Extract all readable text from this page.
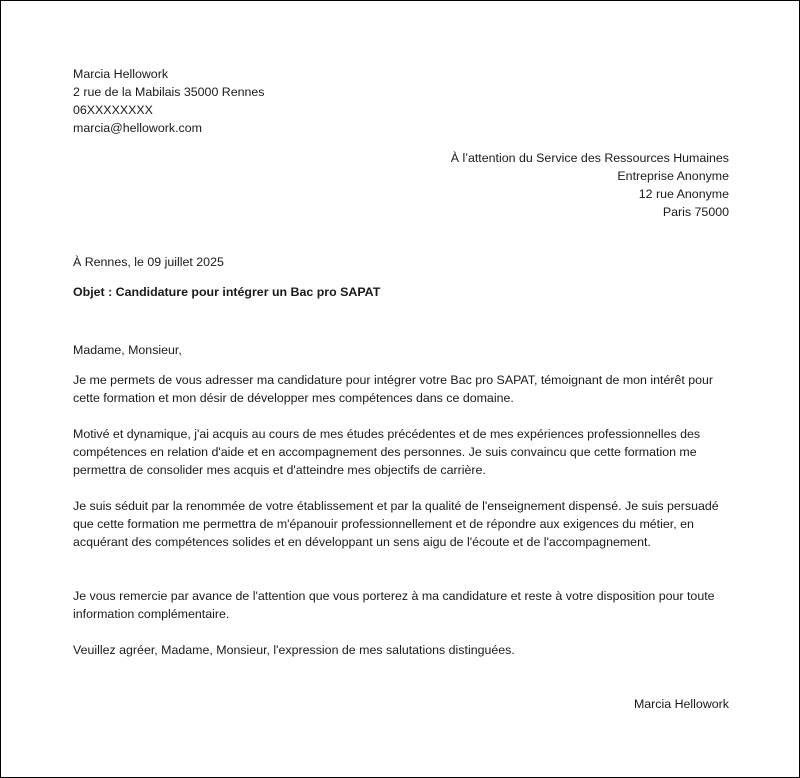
Marcia Hellowork
2 rue de la Mabilais 35000 Rennes
06XXXXXXXX
marcia@hellowork.com
À l’attention du Service des Ressources Humaines
Entreprise Anonyme
12 rue Anonyme
Paris 75000
À Rennes, le 09 juillet 2025
Objet : Candidature pour intégrer un Bac pro SAPAT
Madame, Monsieur,

Je me permets de vous adresser ma candidature pour intégrer votre Bac pro SAPAT, témoignant de mon intérêt pour cette formation et mon désir de développer mes compétences dans ce domaine.

Motivé et dynamique, j'ai acquis au cours de mes études précédentes et de mes expériences professionnelles des compétences en relation d'aide et en accompagnement des personnes. Je suis convaincu que cette formation me permettra de consolider mes acquis et d'atteindre mes objectifs de carrière.

Je suis séduit par la renommée de votre établissement et par la qualité de l'enseignement dispensé. Je suis persuadé que cette formation me permettra de m'épanouir professionnellement et de répondre aux exigences du métier, en acquérant des compétences solides et en développant un sens aigu de l'écoute et de l'accompagnement.

Je vous remercie par avance de l'attention que vous porterez à ma candidature et reste à votre disposition pour toute information complémentaire.

Veuillez agréer, Madame, Monsieur, l'expression de mes salutations distinguées.

Marcia Hellowork
